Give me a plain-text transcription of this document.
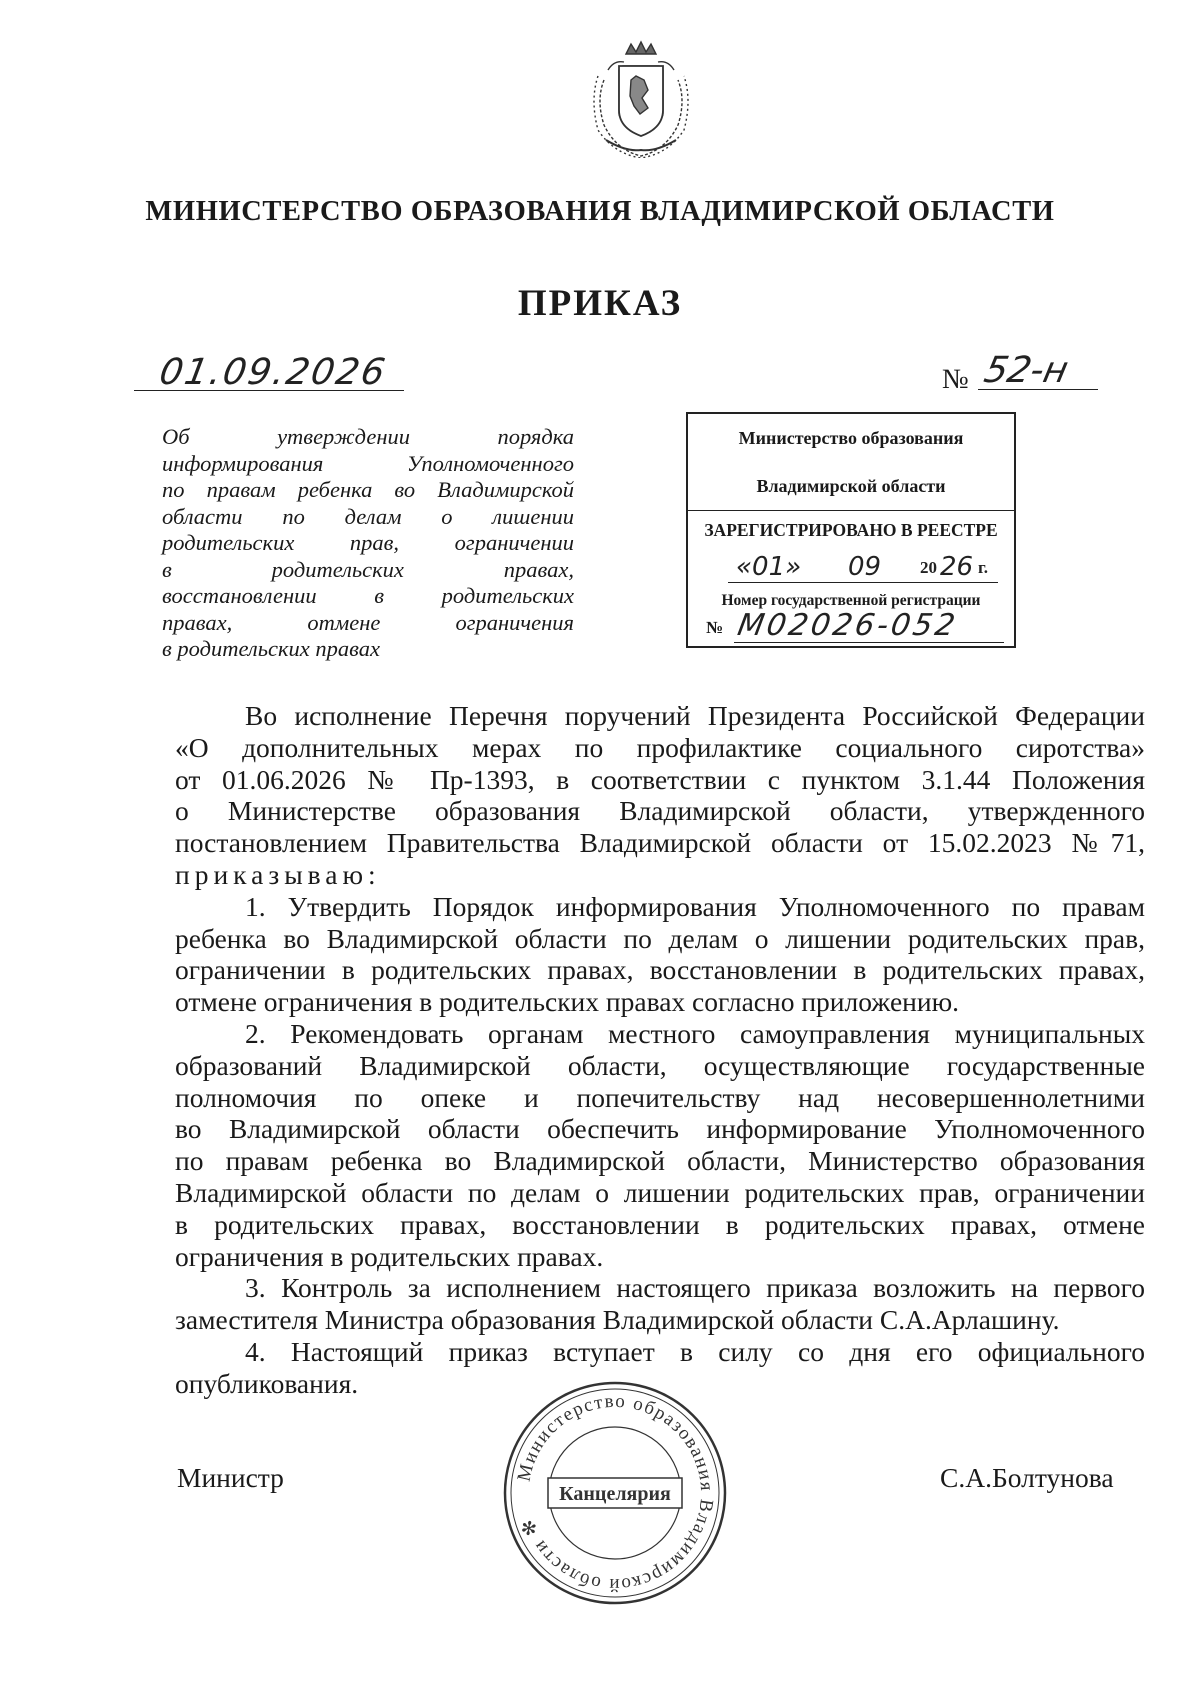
МИНИСТЕРСТВО ОБРАЗОВАНИЯ ВЛАДИМИРСКОЙ ОБЛАСТИ
ПРИКАЗ
01.09.2026	№ 52-н
Об утверждении порядка
информирования Уполномоченного
по правам ребенка во Владимирской
области по делам о лишении
родительских прав, ограничении
в родительских правах,
восстановлении в родительских
правах, отмене ограничения
в родительских правах
Министерство образования
Владимирской области
ЗАРЕГИСТРИРОВАНО В РЕЕСТРЕ
«01» 09 20 26 г.
Номер государственной регистрации
№ М02026-052
Во исполнение Перечня поручений Президента Российской Федерации
«О дополнительных мерах по профилактике социального сиротства»
от 01.06.2026 № Пр-1393, в соответствии с пунктом 3.1.44 Положения
о Министерстве образования Владимирской области, утвержденного
постановлением Правительства Владимирской области от 15.02.2023 №71,
приказываю:
1. Утвердить Порядок информирования Уполномоченного по правам
ребенка во Владимирской области по делам о лишении родительских прав,
ограничении в родительских правах, восстановлении в родительских правах,
отмене ограничения в родительских правах согласно приложению.
2. Рекомендовать органам местного самоуправления муниципальных
образований Владимирской области, осуществляющие государственные
полномочия по опеке и попечительству над несовершеннолетними
во Владимирской области обеспечить информирование Уполномоченного
по правам ребенка во Владимирской области, Министерство образования
Владимирской области по делам о лишении родительских прав, ограничении
в родительских правах, восстановлении в родительских правах, отмене
ограничения в родительских правах.
3. Контроль за исполнением настоящего приказа возложить на первого
заместителя Министра образования Владимирской области С.А.Арлашину.
4. Настоящий приказ вступает в силу со дня его официального
опубликования.
Министр	С.А.Болтунова
Министерство образования Владимирской области ✻
Канцелярия
